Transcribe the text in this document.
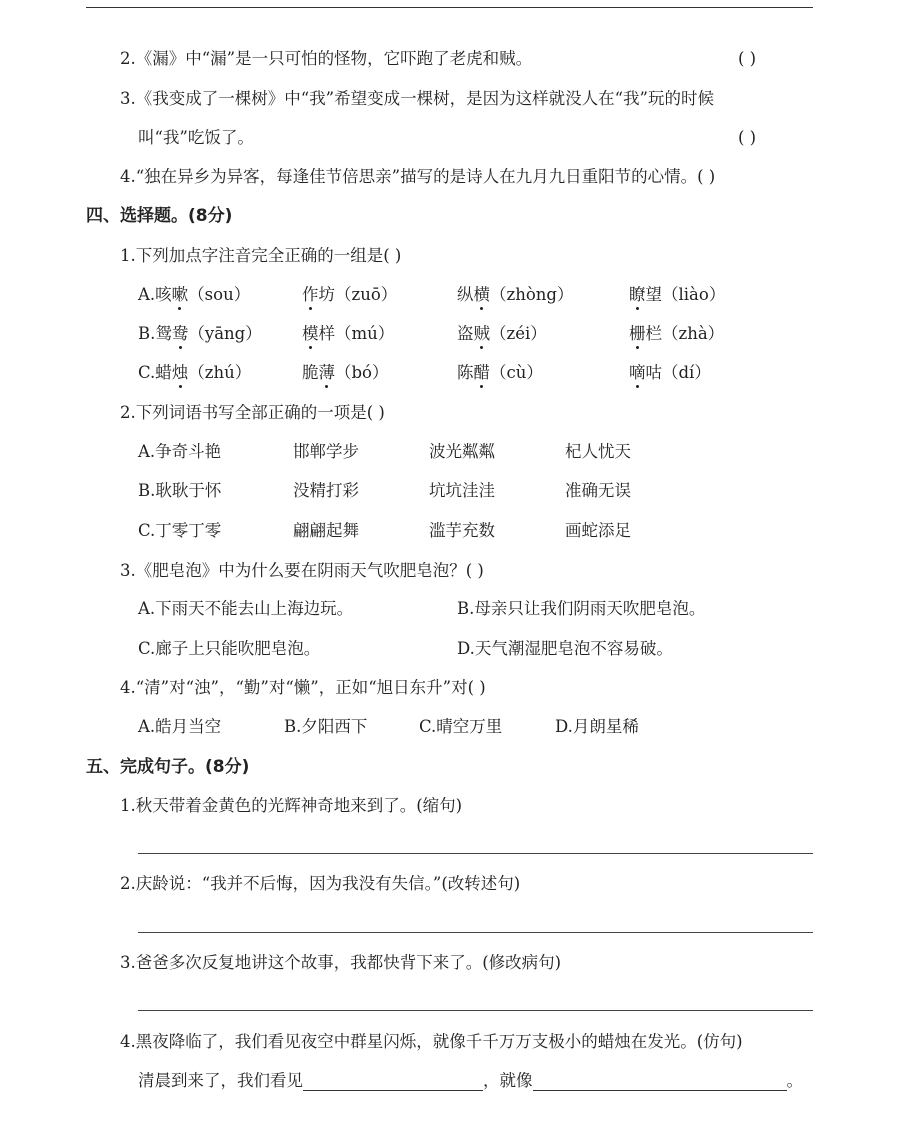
2.《漏》中“漏”是一只可怕的怪物，它吓跑了老虎和贼。	( )
3.《我变成了一棵树》中“我”希望变成一棵树，是因为这样就没人在“我”玩的时候
叫“我”吃饭了。	( )
4.“独在异乡为异客，每逢佳节倍思亲”描写的是诗人在九月九日重阳节的心情。( )
四、选择题。(8分)
1.下列加点字注音完全正确的一组是( )
A.咳嗽（sou）	作坊（zuō）	纵横（zhòng）	瞭望（liào）
B.鸳鸯（yāng） 模样（mú）	盗贼（zéi）	栅栏（zhà）
C.蜡烛（zhú）	脆薄（bó）	陈醋（cù）	嘀咕（dí）
2.下列词语书写全部正确的一项是( )
A.争奇斗艳	邯郸学步	波光粼粼	杞人忧天
B.耿耿于怀	没精打彩	坑坑洼洼	准确无误
C.丁零丁零	翩翩起舞	滥芋充数	画蛇添足
3.《肥皂泡》中为什么要在阴雨天气吹肥皂泡？( )
A.下雨天不能去山上海边玩。	B.母亲只让我们阴雨天吹肥皂泡。
C.廊子上只能吹肥皂泡。	D.天气潮湿肥皂泡不容易破。
4.“清”对“浊”，“勤”对“懒”，正如“旭日东升”对( )
A.皓月当空	B.夕阳西下	C.晴空万里	D.月朗星稀
五、完成句子。(8分)
1.秋天带着金黄色的光辉神奇地来到了。(缩句)
2.庆龄说：“我并不后悔，因为我没有失信。”(改转述句)
3.爸爸多次反复地讲这个故事，我都快背下来了。(修改病句)
4.黑夜降临了，我们看见夜空中群星闪烁，就像千千万万支极小的蜡烛在发光。(仿句)
清晨到来了，我们看见	，就像	。
